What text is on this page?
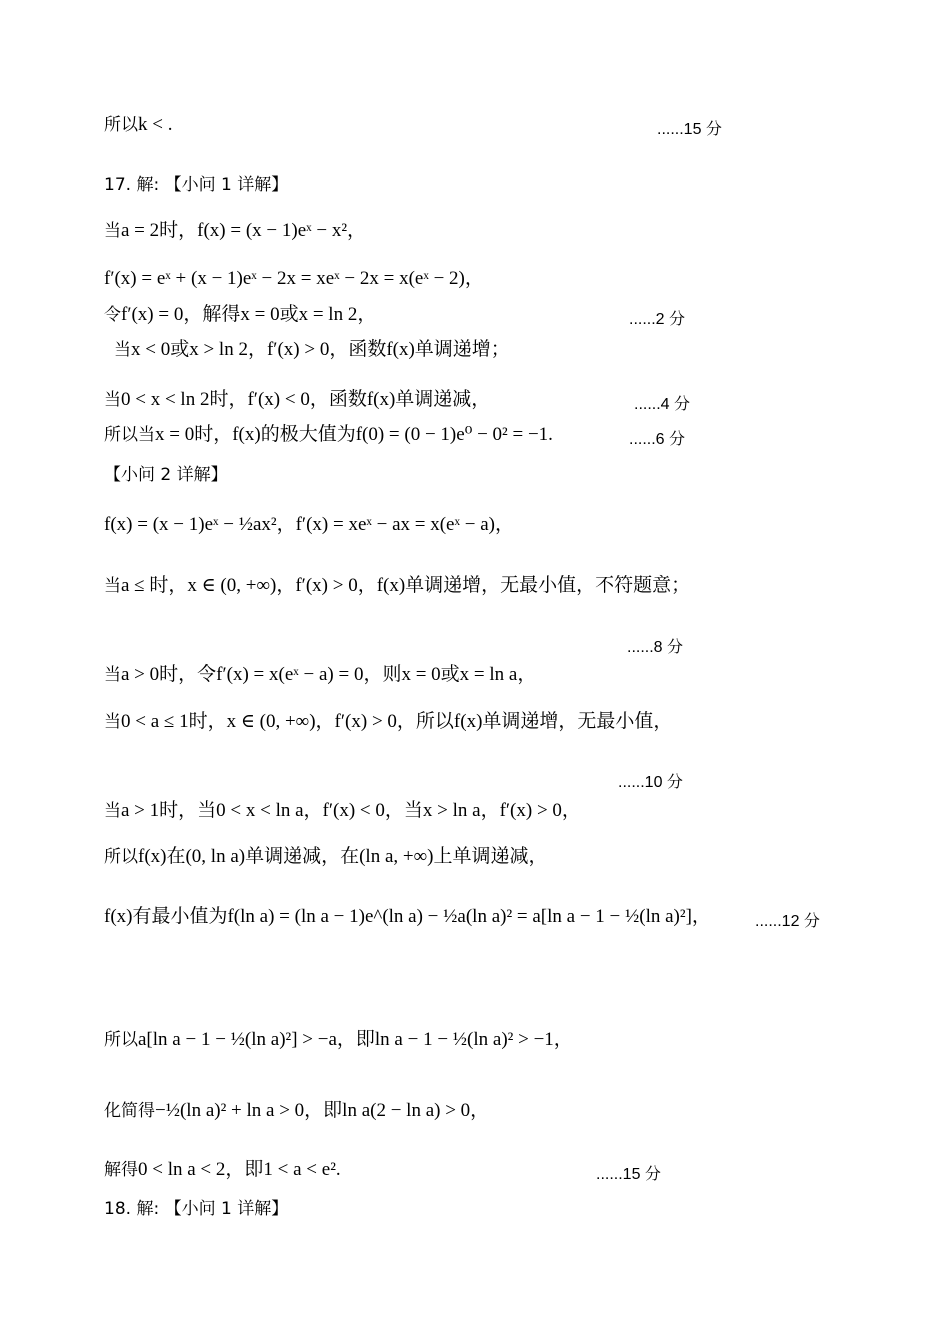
所以k < .	......15 分
17. 解: 【小问 1 详解】
当a = 2时，f(x) = (x − 1)eˣ − x²，
f′(x) = eˣ + (x − 1)eˣ − 2x = xeˣ − 2x = x(eˣ − 2)，
令f′(x) = 0，解得x = 0或x = ln 2，	......2 分
当x < 0或x > ln 2，f′(x) > 0，函数f(x)单调递增；
当0 < x < ln 2时，f′(x) < 0，函数f(x)单调递减，	......4 分
所以当x = 0时，f(x)的极大值为f(0) = (0 − 1)e⁰ − 0² = −1.	......6 分
【小问 2 详解】
f(x) = (x − 1)eˣ − ½ax²，f′(x) = xeˣ − ax = x(eˣ − a)，
当a ≤ 时，x ∈ (0, +∞)，f′(x) > 0，f(x)单调递增，无最小值，不符题意；
......8 分
当a > 0时，令f′(x) = x(eˣ − a) = 0，则x = 0或x = ln a，
当0 < a ≤ 1时，x ∈ (0, +∞)，f′(x) > 0，所以f(x)单调递增，无最小值，
......10 分
当a > 1时，当0 < x < ln a，f′(x) < 0，当x > ln a，f′(x) > 0，
所以f(x)在(0, ln a)单调递减，在(ln a, +∞)上单调递减，
f(x)有最小值为f(ln a) = (ln a − 1)e^(ln a) − ½a(ln a)² = a[ln a − 1 − ½(ln a)²]，	......12 分
所以a[ln a − 1 − ½(ln a)²] > −a，即ln a − 1 − ½(ln a)² > −1，
化简得−½(ln a)² + ln a > 0，即ln a(2 − ln a) > 0，
解得0 < ln a < 2，即1 < a < e².	......15 分
18. 解: 【小问 1 详解】
